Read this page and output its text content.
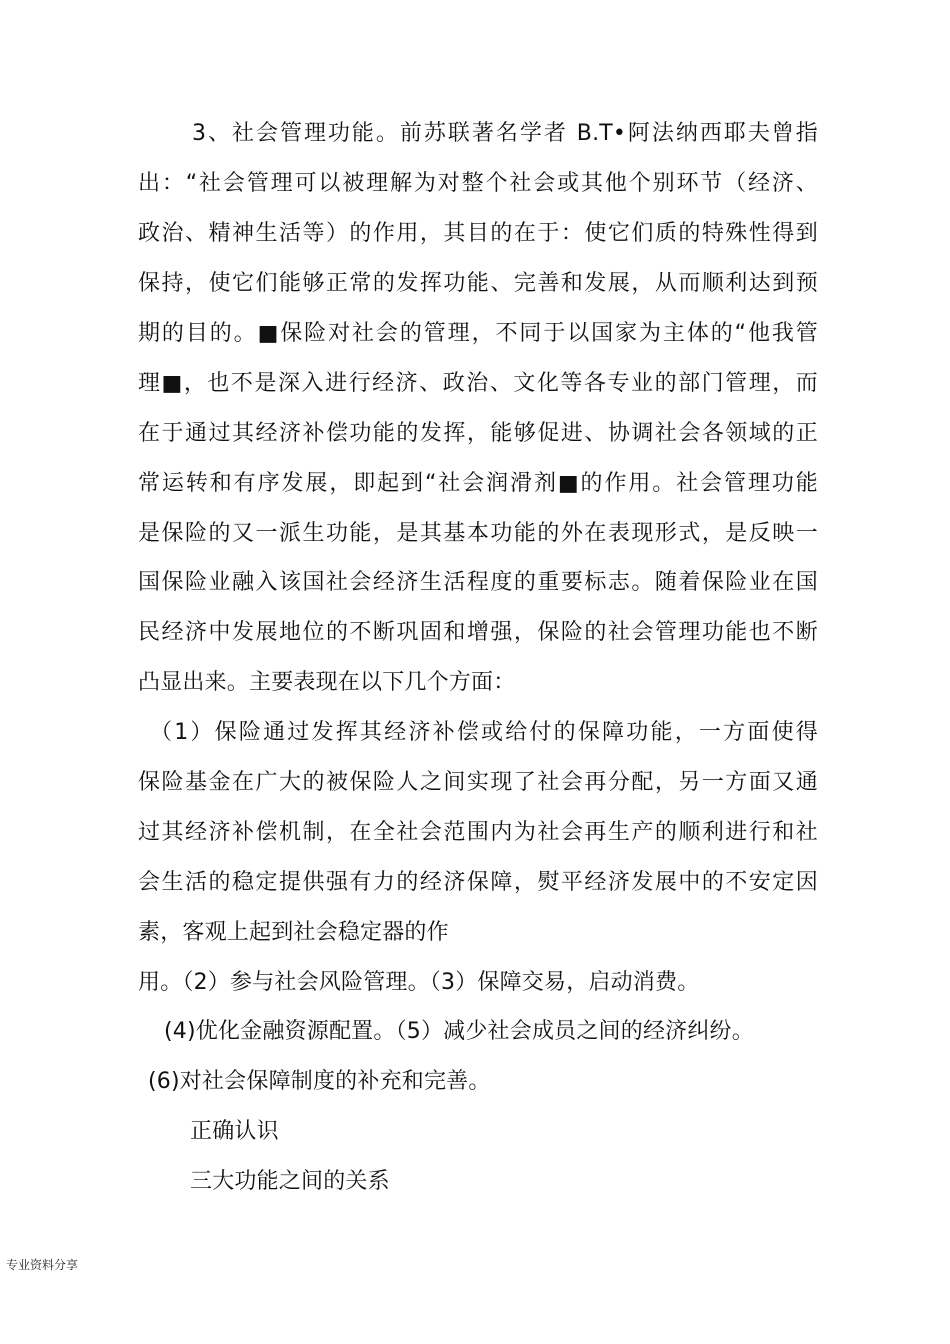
3、社会管理功能。前苏联著名学者 B.T•阿法纳西耶夫曾指
出：“社会管理可以被理解为对整个社会或其他个别环节（经济、
政治、精神生活等）的作用，其目的在于：使它们质的特殊性得到
保持，使它们能够正常的发挥功能、完善和发展，从而顺利达到预
期的目的。■保险对社会的管理，不同于以国家为主体的“他我管
理■，也不是深入进行经济、政治、文化等各专业的部门管理，而
在于通过其经济补偿功能的发挥，能够促进、协调社会各领域的正
常运转和有序发展，即起到“社会润滑剂■的作用。社会管理功能
是保险的又一派生功能，是其基本功能的外在表现形式，是反映一
国保险业融入该国社会经济生活程度的重要标志。随着保险业在国
民经济中发展地位的不断巩固和增强，保险的社会管理功能也不断
凸显出来。主要表现在以下几个方面：
（1）保险通过发挥其经济补偿或给付的保障功能，一方面使得
保险基金在广大的被保险人之间实现了社会再分配，另一方面又通
过其经济补偿机制，在全社会范围内为社会再生产的顺利进行和社
会生活的稳定提供强有力的经济保障，熨平经济发展中的不安定因
素，客观上起到社会稳定器的作
用。（2）参与社会风险管理。（3）保障交易，启动消费。
(4)优化金融资源配置。（5）减少社会成员之间的经济纠纷。
(6)对社会保障制度的补充和完善。
正确认识
三大功能之间的关系
专业资料分享
